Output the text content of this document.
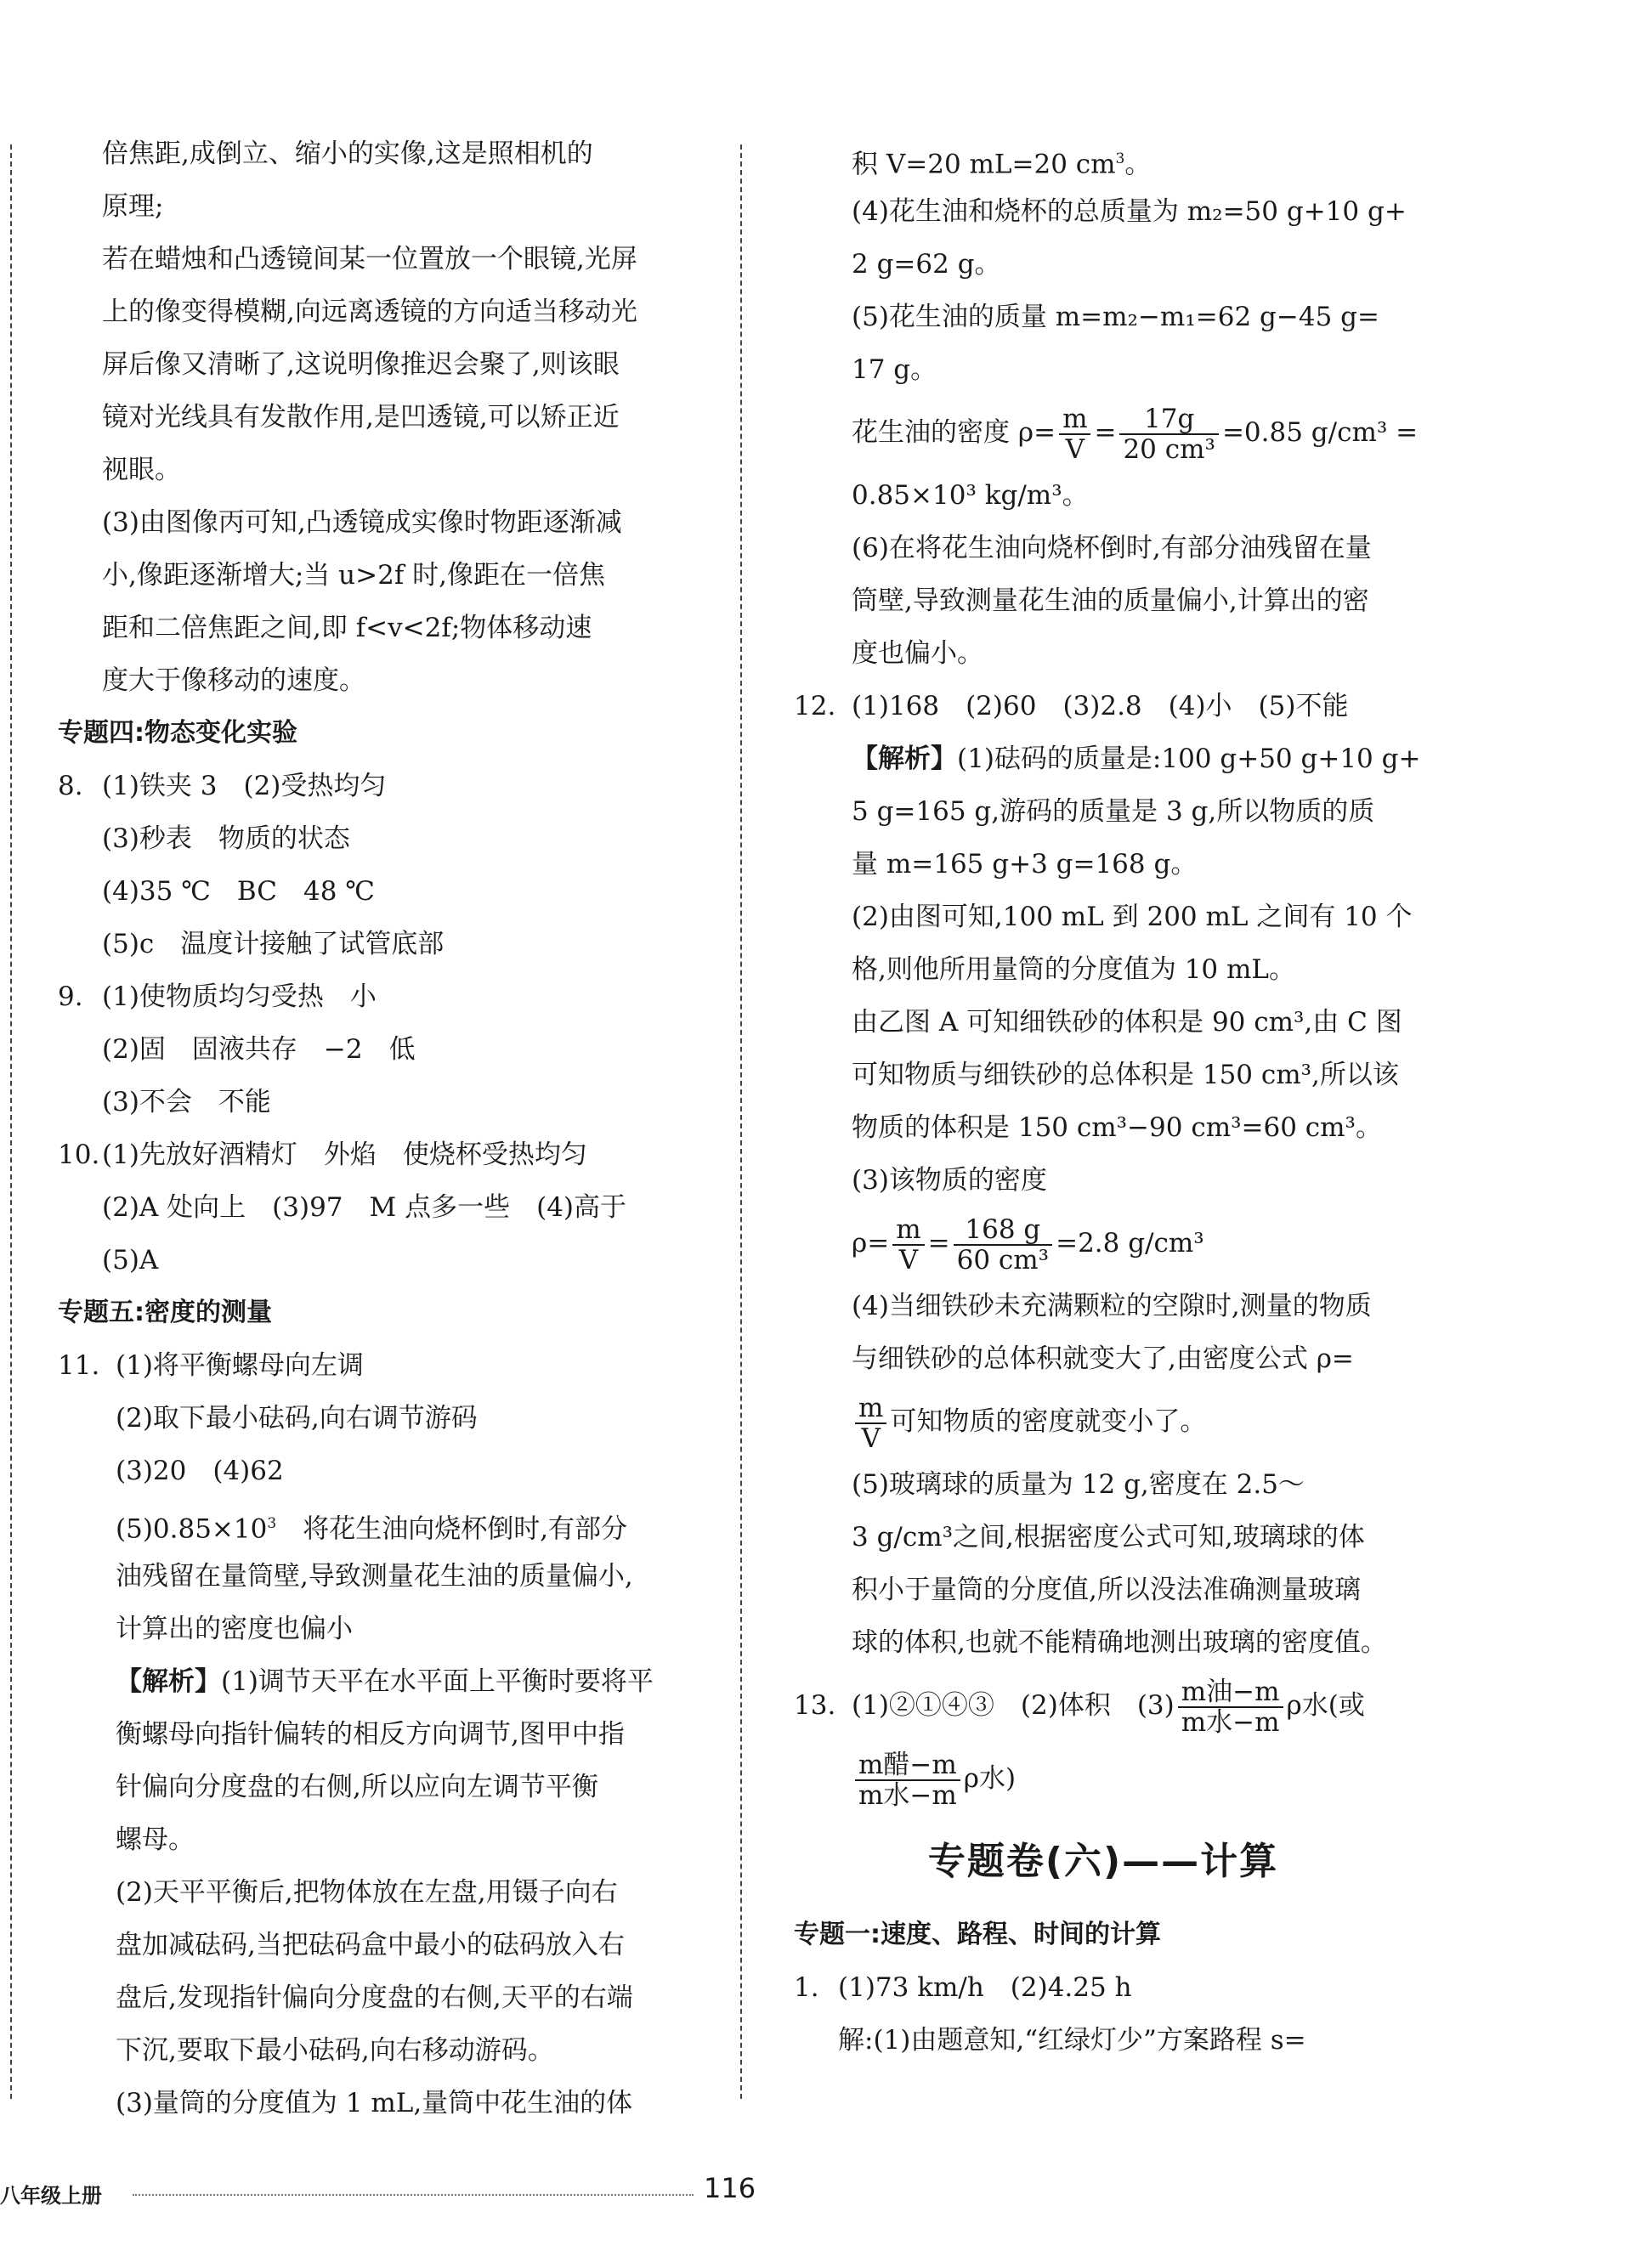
倍焦距,成倒立、缩小的实像,这是照相机的
原理;
若在蜡烛和凸透镜间某一位置放一个眼镜,光屏
上的像变得模糊,向远离透镜的方向适当移动光
屏后像又清晰了,这说明像推迟会聚了,则该眼
镜对光线具有发散作用,是凹透镜,可以矫正近
视眼。
(3)由图像丙可知,凸透镜成实像时物距逐渐减
小,像距逐渐增大;当 u>2f 时,像距在一倍焦
距和二倍焦距之间,即 f<v<2f;物体移动速
度大于像移动的速度。
专题四:物态变化实验
8. (1)铁夹 3　(2)受热均匀
(3)秒表　物质的状态
(4)35 ℃　BC　48 ℃
(5)c　温度计接触了试管底部
9. (1)使物质均匀受热　小
(2)固　固液共存　−2　低
(3)不会　不能
10.(1)先放好酒精灯　外焰　使烧杯受热均匀
(2)A 处向上　(3)97　M 点多一些　(4)高于
(5)A
专题五:密度的测量
11. (1)将平衡螺母向左调
(2)取下最小砝码,向右调节游码
(3)20　(4)62
$(5)0.85\times 10^3$　将花生油向烧杯倒时,有部分
油残留在量筒壁,导致测量花生油的质量偏小,
计算出的密度也偏小
【解析】(1)调节天平在水平面上平衡时要将平
衡螺母向指针偏转的相反方向调节,图甲中指
针偏向分度盘的右侧,所以应向左调节平衡
螺母。
(2)天平平衡后,把物体放在左盘,用镊子向右
盘加减砝码,当把砝码盒中最小的砝码放入右
盘后,发现指针偏向分度盘的右侧,天平的右端
下沉,要取下最小砝码,向右移动游码。
(3)量筒的分度值为 1 mL,量筒中花生油的体
积 V=20 mL=20 $cm^3$。
(4)花生油和烧杯的总质量为 m₂=50 g+10 g+
2 g=62 g。
(5)花生油的质量 m=m₂−m₁=62 g−45 g=
17 g。
花生油的密度 $\rho= \frac{m}{V} = \frac{17g}{\text{20 cm³}} =0.85$ g/cm³ =
0.85×10³ kg/m³。
(6)在将花生油向烧杯倒时,有部分油残留在量
筒壁,导致测量花生油的质量偏小,计算出的密
度也偏小。
12. (1)168　(2)60　(3)2.8　(4)小　(5)不能
【解析】(1)砝码的质量是:100 g+50 g+10 g+
5 g=165 g,游码的质量是 3 g,所以物质的质
量 m=165 g+3 g=168 g。
(2)由图可知,100 mL 到 200 mL 之间有 10 个
格,则他所用量筒的分度值为 10 mL。
由乙图 A 可知细铁砂的体积是 90 cm³,由 C 图
可知物质与细铁砂的总体积是 150 cm³,所以该
物质的体积是 150 cm³−90 cm³=60 cm³。
(3)该物质的密度
$\rho= \frac{m}{V} = \frac{168 g}{\text{60 cm³}} =2.8$ g/cm³
(4)当细铁砂未充满颗粒的空隙时,测量的物质
与细铁砂的总体积就变大了,由密度公式 ρ=
$\frac{m}{V}$ 可知物质的密度就变小了。
(5)玻璃球的质量为 12 g,密度在 2.5～
3 g/cm³之间,根据密度公式可知,玻璃球的体
积小于量筒的分度值,所以没法准确测量玻璃
球的体积,也就不能精确地测出玻璃的密度值。
13. (1)②①④③　(2)体积　$(3) \frac{\text{m油−m}}{\text{m水−m}}$ ρ水(或
$\frac{\text{m醋−m}}{\text{m水−m}}$ ρ水)
专题卷(六)——计算
专题一:速度、路程、时间的计算
1. (1)73 km/h　(2)4.25 h
解:(1)由题意知,“红绿灯少”方案路程 s=
八年级上册	116
